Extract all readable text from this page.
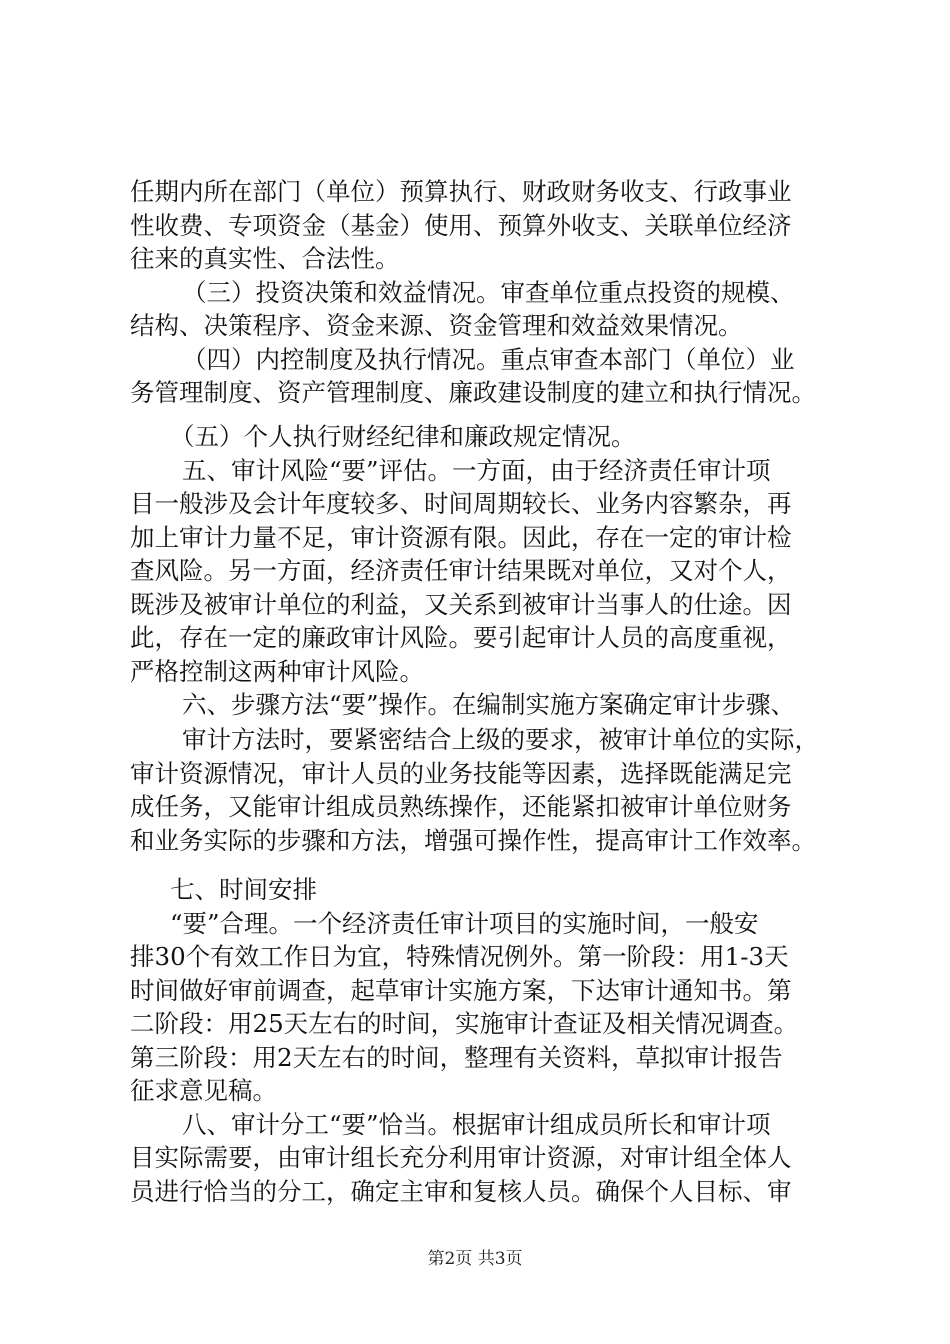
任期内所在部门（单位）预算执行、财政财务收支、行政事业
性收费、专项资金（基金）使用、预算外收支、关联单位经济
往来的真实性、合法性。
（三）投资决策和效益情况。审查单位重点投资的规模、
结构、决策程序、资金来源、资金管理和效益效果情况。
（四）内控制度及执行情况。重点审查本部门（单位）业
务管理制度、资产管理制度、廉政建设制度的建立和执行情况。
（五）个人执行财经纪律和廉政规定情况。
五、审计风险“要”评估。一方面，由于经济责任审计项
目一般涉及会计年度较多、时间周期较长、业务内容繁杂，再
加上审计力量不足，审计资源有限。因此，存在一定的审计检
查风险。另一方面，经济责任审计结果既对单位，又对个人，
既涉及被审计单位的利益，又关系到被审计当事人的仕途。因
此，存在一定的廉政审计风险。要引起审计人员的高度重视，
严格控制这两种审计风险。
六、步骤方法“要”操作。在编制实施方案确定审计步骤、
审计方法时，要紧密结合上级的要求，被审计单位的实际，
审计资源情况，审计人员的业务技能等因素，选择既能满足完
成任务，又能审计组成员熟练操作，还能紧扣被审计单位财务
和业务实际的步骤和方法，增强可操作性，提高审计工作效率。
七、时间安排
“要”合理。一个经济责任审计项目的实施时间，一般安
排30个有效工作日为宜，特殊情况例外。第一阶段：用1-3天
时间做好审前调查，起草审计实施方案，下达审计通知书。第
二阶段：用25天左右的时间，实施审计查证及相关情况调查。
第三阶段：用2天左右的时间，整理有关资料，草拟审计报告
征求意见稿。
八、审计分工“要”恰当。根据审计组成员所长和审计项
目实际需要，由审计组长充分利用审计资源，对审计组全体人
员进行恰当的分工，确定主审和复核人员。确保个人目标、审
第2页 共3页
